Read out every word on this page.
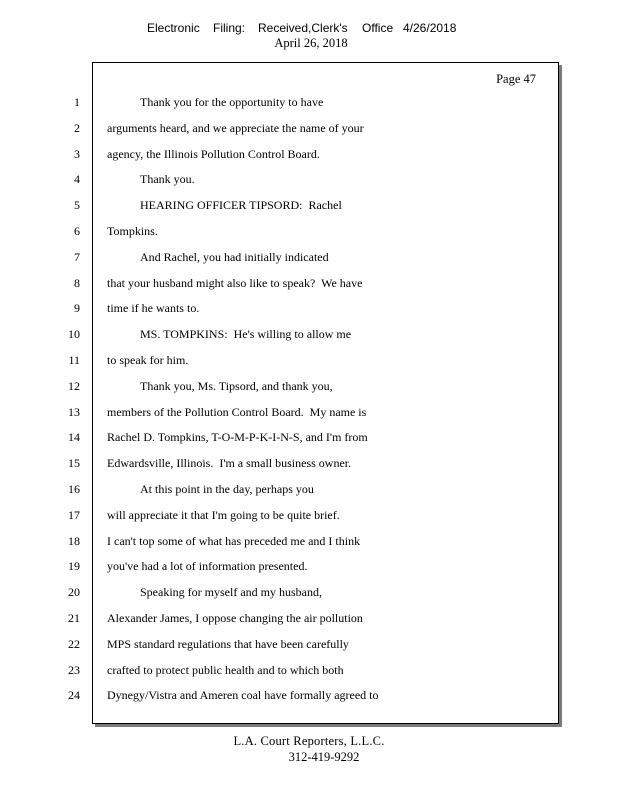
Electronic Filing: Received,Clerk's Office 4/26/2018
April 26, 2018
Page 47
1	Thank you for the opportunity to have
2 arguments heard, and we appreciate the name of your
3 agency, the Illinois Pollution Control Board.
4	Thank you.
5	HEARING OFFICER TIPSORD:  Rachel
6 Tompkins.
7	And Rachel, you had initially indicated
8 that your husband might also like to speak?  We have
9 time if he wants to.
10	MS. TOMPKINS:  He's willing to allow me
11 to speak for him.
12	Thank you, Ms. Tipsord, and thank you,
13 members of the Pollution Control Board.  My name is
14 Rachel D. Tompkins, T-O-M-P-K-I-N-S, and I'm from
15 Edwardsville, Illinois.  I'm a small business owner.
16	At this point in the day, perhaps you
17 will appreciate it that I'm going to be quite brief.
18 I can't top some of what has preceded me and I think
19 you've had a lot of information presented.
20	Speaking for myself and my husband,
21 Alexander James, I oppose changing the air pollution
22 MPS standard regulations that have been carefully
23 crafted to protect public health and to which both
24 Dynegy/Vistra and Ameren coal have formally agreed to
L.A. Court Reporters, L.L.C.
312-419-9292
